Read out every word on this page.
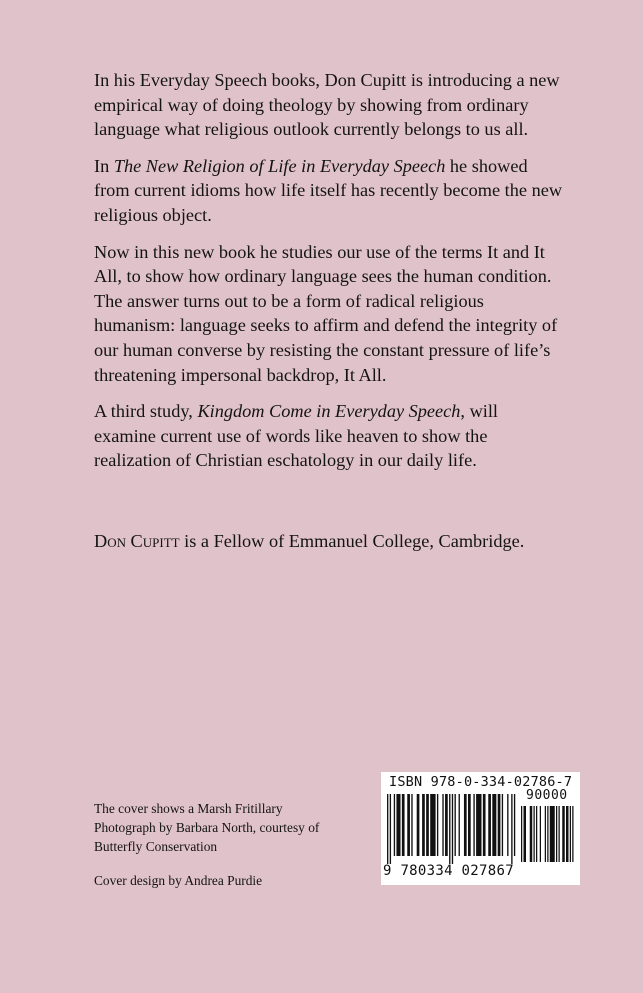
In his Everyday Speech books, Don Cupitt is introducing a new empirical way of doing theology by showing from ordinary language what religious outlook currently belongs to us all.

In The New Religion of Life in Everyday Speech he showed from current idioms how life itself has recently become the new religious object.

Now in this new book he studies our use of the terms It and It All, to show how ordinary language sees the human condition. The answer turns out to be a form of radical religious humanism: language seeks to affirm and defend the integrity of our human converse by resisting the constant pressure of life’s threatening impersonal backdrop, It All.

A third study, Kingdom Come in Everyday Speech, will examine current use of words like heaven to show the realization of Christian eschatology in our daily life.

Don Cupitt is a Fellow of Emmanuel College, Cambridge.

The cover shows a Marsh Fritillary
Photograph by Barbara North, courtesy of
Butterfly Conservation

Cover design by Andrea Purdie

ISBN 978-0-334-02786-7
90000
9 780334 027867
